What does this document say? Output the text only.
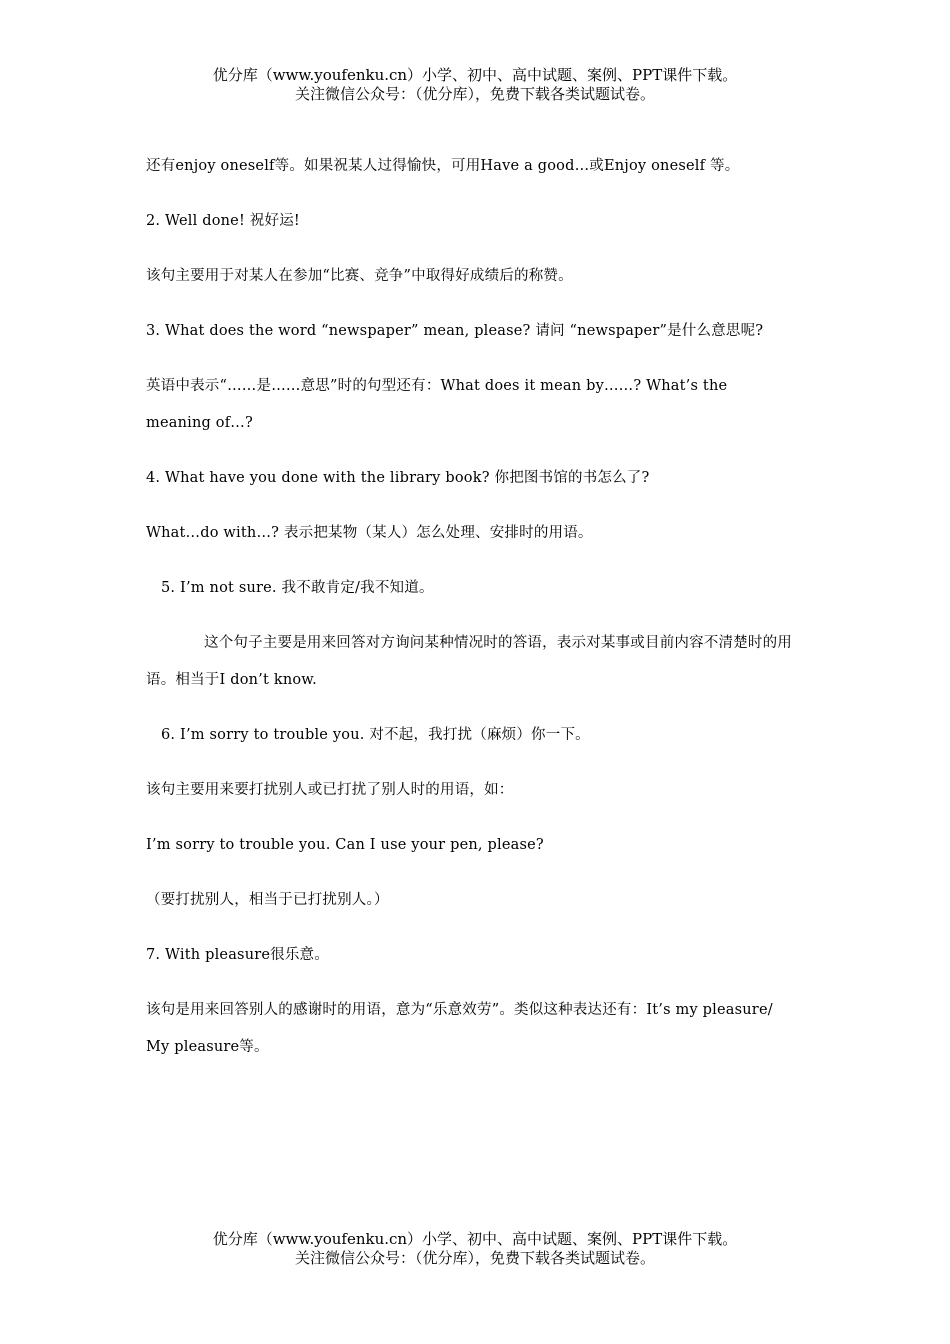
优分库（www.youfenku.cn）小学、初中、高中试题、案例、PPT课件下载。
关注微信公众号：（优分库），免费下载各类试题试卷。

还有enjoy oneself等。如果祝某人过得愉快，可用Have a good…或Enjoy oneself 等。

2. Well done! 祝好运!

该句主要用于对某人在参加“比赛、竞争”中取得好成绩后的称赞。

3. What does the word “newspaper” mean, please? 请问 “newspaper”是什么意思呢?

英语中表示“……是……意思”时的句型还有：What does it mean by……? What’s the meaning of…?

4. What have you done with the library book? 你把图书馆的书怎么了?

What…do with…? 表示把某物（某人）怎么处理、安排时的用语。

5. I’m not sure. 我不敢肯定/我不知道。

这个句子主要是用来回答对方询问某种情况时的答语，表示对某事或目前内容不清楚时的用语。相当于I don’t know.

6. I’m sorry to trouble you. 对不起，我打扰（麻烦）你一下。

该句主要用来要打扰别人或已打扰了别人时的用语，如：

I’m sorry to trouble you. Can I use your pen, please?

（要打扰别人，相当于已打扰别人。）

7. With pleasure很乐意。

该句是用来回答别人的感谢时的用语，意为“乐意效劳”。类似这种表达还有：It’s my pleasure/ My pleasure等。

优分库（www.youfenku.cn）小学、初中、高中试题、案例、PPT课件下载。
关注微信公众号：（优分库），免费下载各类试题试卷。
